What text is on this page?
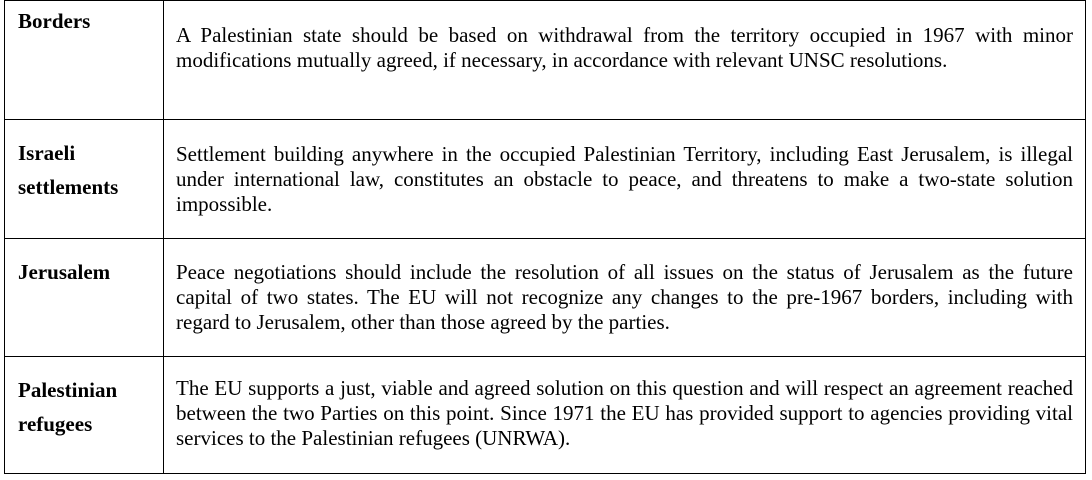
Borders	A Palestinian state should be based on withdrawal from the territory occupied in 1967 with minor modifications mutually agreed, if necessary, in accordance with relevant UNSC resolutions.
Israeli settlements	Settlement building anywhere in the occupied Palestinian Territory, including East Jerusalem, is illegal under international law, constitutes an obstacle to peace, and threatens to make a two-state solution impossible.
Jerusalem	Peace negotiations should include the resolution of all issues on the status of Jerusalem as the future capital of two states. The EU will not recognize any changes to the pre-1967 borders, including with regard to Jerusalem, other than those agreed by the parties.
Palestinian refugees	The EU supports a just, viable and agreed solution on this question and will respect an agreement reached between the two Parties on this point. Since 1971 the EU has provided support to agencies providing vital services to the Palestinian refugees (UNRWA).
